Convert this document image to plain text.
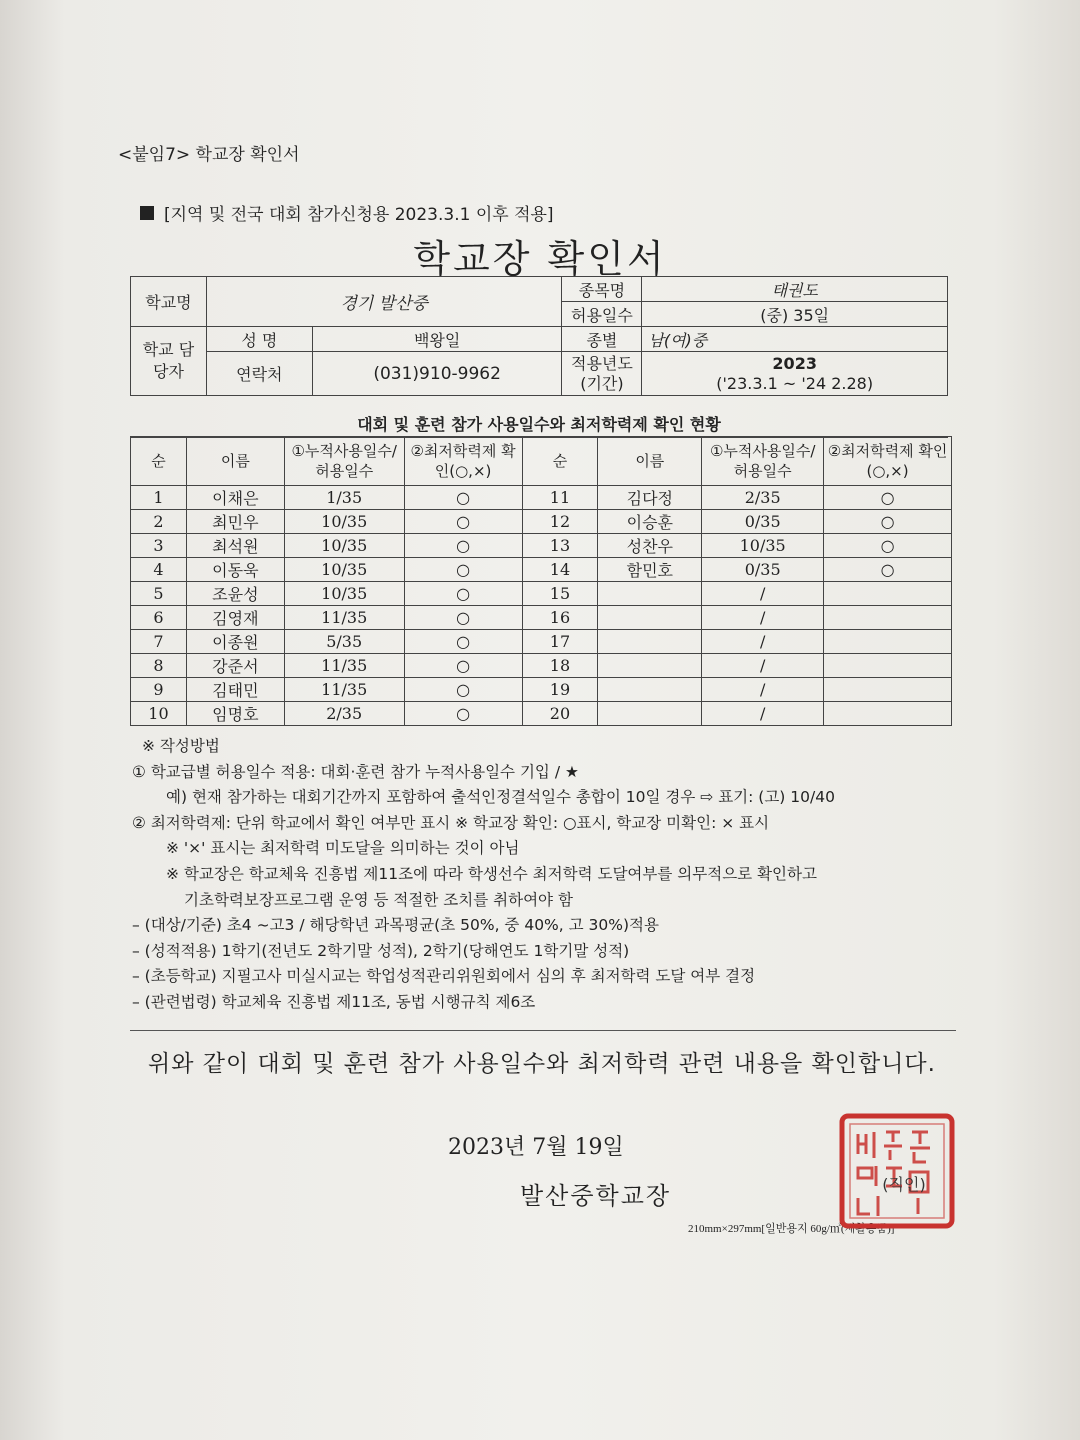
<붙임7> 학교장 확인서
[지역 및 전국 대회 참가신청용 2023.3.1 이후 적용]
학교장 확인서
학교명	경기 발산중		종목명	태권도
			허용일수	(중) 35일
학교 담당자	성 명	백왕일	종별	남(여)중
	연락처	(031)910-9962	적용년도 (기간)	2023
('23.3.1 ~ '24 2.28)
대회 및 훈련 참가 사용일수와 최저학력제 확인 현황
순	이름	①누적사용일수/ 허용일수	②최저학력제 확인(○,×)	순	이름	①누적사용일수/ 허용일수	②최저학력제 확인(○,×)
1	이채은	1/35	○	11	김다정	2/35	○
2	최민우	10/35	○	12	이승훈	0/35	○
3	최석원	10/35	○	13	성찬우	10/35	○
4	이동욱	10/35	○	14	함민호	0/35	○
5	조윤성	10/35	○	15		/	
6	김영재	11/35	○	16		/	
7	이종원	5/35	○	17		/	
8	강준서	11/35	○	18		/	
9	김태민	11/35	○	19		/	
10	임명호	2/35	○	20		/	
※ 작성방법
① 학교급별 허용일수 적용: 대회·훈련 참가 누적사용일수 기입 / ★
예) 현재 참가하는 대회기간까지 포함하여 출석인정결석일수 총합이 10일 경우 ⇨ 표기: (고) 10/40
② 최저학력제: 단위 학교에서 확인 여부만 표시 ※ 학교장 확인: ○표시, 학교장 미확인: × 표시
※ '×' 표시는 최저학력 미도달을 의미하는 것이 아님
※ 학교장은 학교체육 진흥법 제11조에 따라 학생선수 최저학력 도달여부를 의무적으로 확인하고
기초학력보장프로그램 운영 등 적절한 조치를 취하여야 함
– (대상/기준) 초4 ~고3 / 해당학년 과목평균(초 50%, 중 40%, 고 30%)적용
– (성적적용) 1학기(전년도 2학기말 성적), 2학기(당해연도 1학기말 성적)
– (초등학교) 지필고사 미실시교는 학업성적관리위원회에서 심의 후 최저학력 도달 여부 결정
– (관련법령) 학교체육 진흥법 제11조, 동법 시행규칙 제6조
위와 같이 대회 및 훈련 참가 사용일수와 최저학력 관련 내용을 확인합니다.
2023년 7월 19일
발산중학교장
210mm×297mm[일반용지 60g/㎡(재활용품)]
(직인)
